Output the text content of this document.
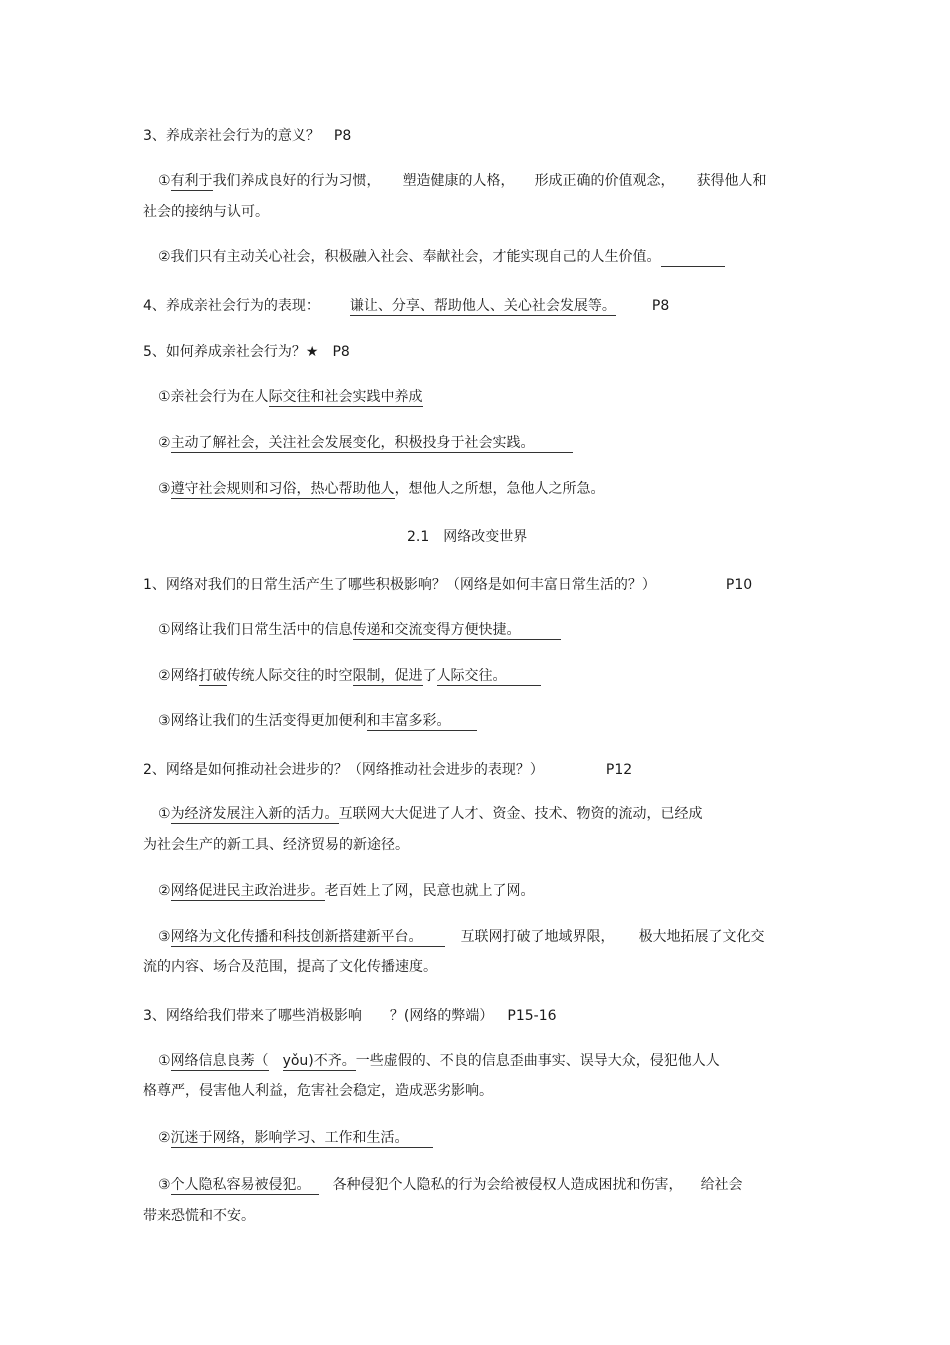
3、养成亲社会行为的意义？ P8
①有利于我们养成良好的行为习惯， 塑造健康的人格， 形成正确的价值观念， 获得他人和
社会的接纳与认可。
②我们只有主动关心社会，积极融入社会、奉献社会，才能实现自己的人生价值。
4、养成亲社会行为的表现： 谦让、分享、帮助他人、关心社会发展等。	P8
5、如何养成亲社会行为？★ P8
①亲社会行为在人际交往和社会实践中养成
②主动了解社会，关注社会发展变化，积极投身于社会实践。
③遵守社会规则和习俗，热心帮助他人，想他人之所想，急他人之所急。
2.1 网络改变世界
1、网络对我们的日常生活产生了哪些积极影响？（网络是如何丰富日常生活的？）	P10
①网络让我们日常生活中的信息传递和交流变得方便快捷。
②网络打破传统人际交往的时空限制，促进了人际交往。
③网络让我们的生活变得更加便利和丰富多彩。
2、网络是如何推动社会进步的？（网络推动社会进步的表现？）	P12
①为经济发展注入新的活力。互联网大大促进了人才、资金、技术、物资的流动，已经成
为社会生产的新工具、经济贸易的新途径。
②网络促进民主政治进步。老百姓上了网，民意也就上了网。
③网络为文化传播和科技创新搭建新平台。	互联网打破了地域界限， 极大地拓展了文化交
流的内容、场合及范围，提高了文化传播速度。
3、网络给我们带来了哪些消极影响 ？(网络的弊端） P15-16
①网络信息良莠（ yǒu)不齐。一些虚假的、不良的信息歪曲事实、误导大众，侵犯他人人
格尊严，侵害他人利益，危害社会稳定，造成恶劣影响。
②沉迷于网络，影响学习、工作和生活。
③个人隐私容易被侵犯。 各种侵犯个人隐私的行为会给被侵权人造成困扰和伤害， 给社会
带来恐慌和不安。
